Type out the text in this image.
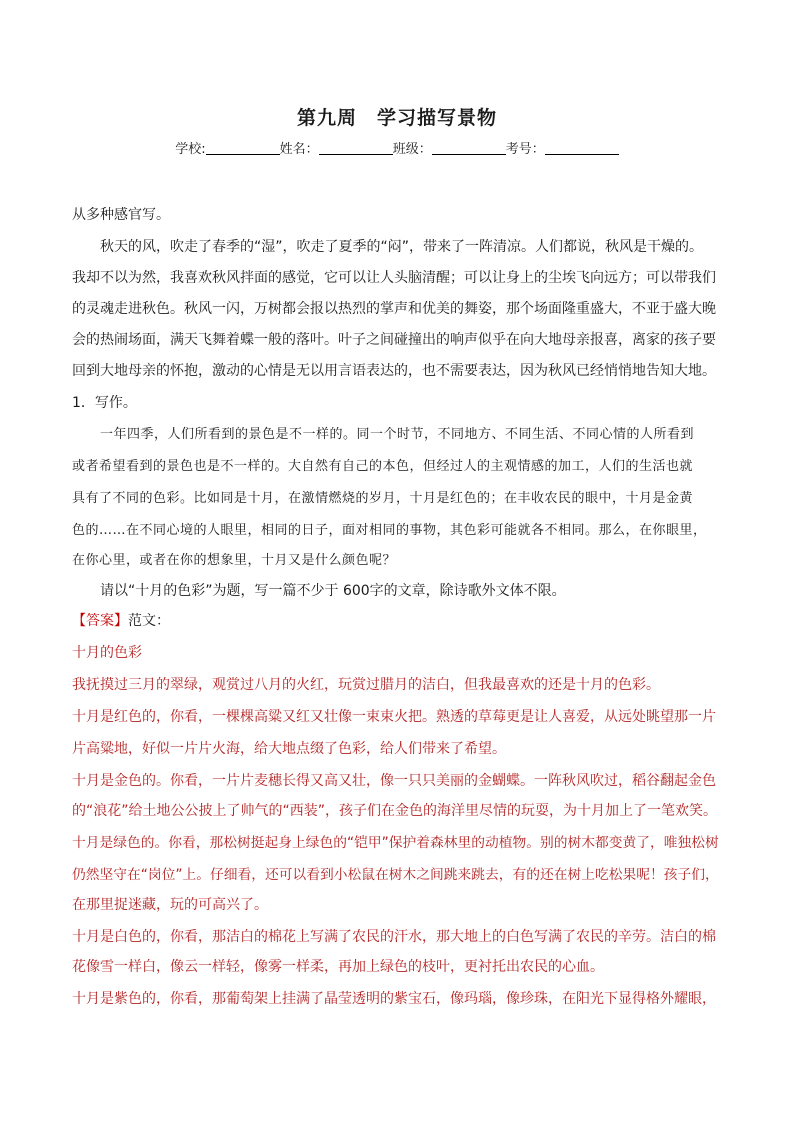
第九周　学习描写景物
学校:	姓名：	班级：	考号：
从多种感官写。
秋天的风，吹走了春季的“湿”，吹走了夏季的“闷”，带来了一阵清凉。人们都说，秋风是干燥的。
我却不以为然，我喜欢秋风拌面的感觉，它可以让人头脑清醒；可以让身上的尘埃飞向远方；可以带我们
的灵魂走进秋色。秋风一闪，万树都会报以热烈的掌声和优美的舞姿，那个场面隆重盛大，不亚于盛大晚
会的热闹场面，满天飞舞着蝶一般的落叶。叶子之间碰撞出的响声似乎在向大地母亲报喜，离家的孩子要
回到大地母亲的怀抱，激动的心情是无以用言语表达的，也不需要表达，因为秋风已经悄悄地告知大地。
1．写作。
一年四季，人们所看到的景色是不一样的。同一个时节，不同地方、不同生活、不同心情的人所看到
或者希望看到的景色也是不一样的。大自然有自己的本色，但经过人的主观情感的加工，人们的生活也就
具有了不同的色彩。比如同是十月，在激情燃烧的岁月，十月是红色的；在丰收农民的眼中，十月是金黄
色的……在不同心境的人眼里，相同的日子，面对相同的事物，其色彩可能就各不相同。那么，在你眼里，
在你心里，或者在你的想象里，十月又是什么颜色呢？
请以“十月的色彩”为题，写一篇不少于 600字的文章，除诗歌外文体不限。
【答案】范文：
十月的色彩
我抚摸过三月的翠绿，观赏过八月的火红，玩赏过腊月的洁白，但我最喜欢的还是十月的色彩。
十月是红色的，你看，一棵棵高粱又红又壮像一束束火把。熟透的草莓更是让人喜爱，从远处眺望那一片
片高粱地，好似一片片火海，给大地点缀了色彩，给人们带来了希望。
十月是金色的。你看，一片片麦穗长得又高又壮，像一只只美丽的金蝴蝶。一阵秋风吹过，稻谷翻起金色
的“浪花”给土地公公披上了帅气的“西装”，孩子们在金色的海洋里尽情的玩耍，为十月加上了一笔欢笑。
十月是绿色的。你看，那松树挺起身上绿色的“铠甲”保护着森林里的动植物。别的树木都变黄了，唯独松树
仍然坚守在“岗位”上。仔细看，还可以看到小松鼠在树木之间跳来跳去，有的还在树上吃松果呢！孩子们，
在那里捉迷藏，玩的可高兴了。
十月是白色的，你看，那洁白的棉花上写满了农民的汗水，那大地上的白色写满了农民的辛劳。洁白的棉
花像雪一样白，像云一样轻，像雾一样柔，再加上绿色的枝叶，更衬托出农民的心血。
十月是紫色的，你看，那葡萄架上挂满了晶莹透明的紫宝石，像玛瑙，像珍珠，在阳光下显得格外耀眼，
